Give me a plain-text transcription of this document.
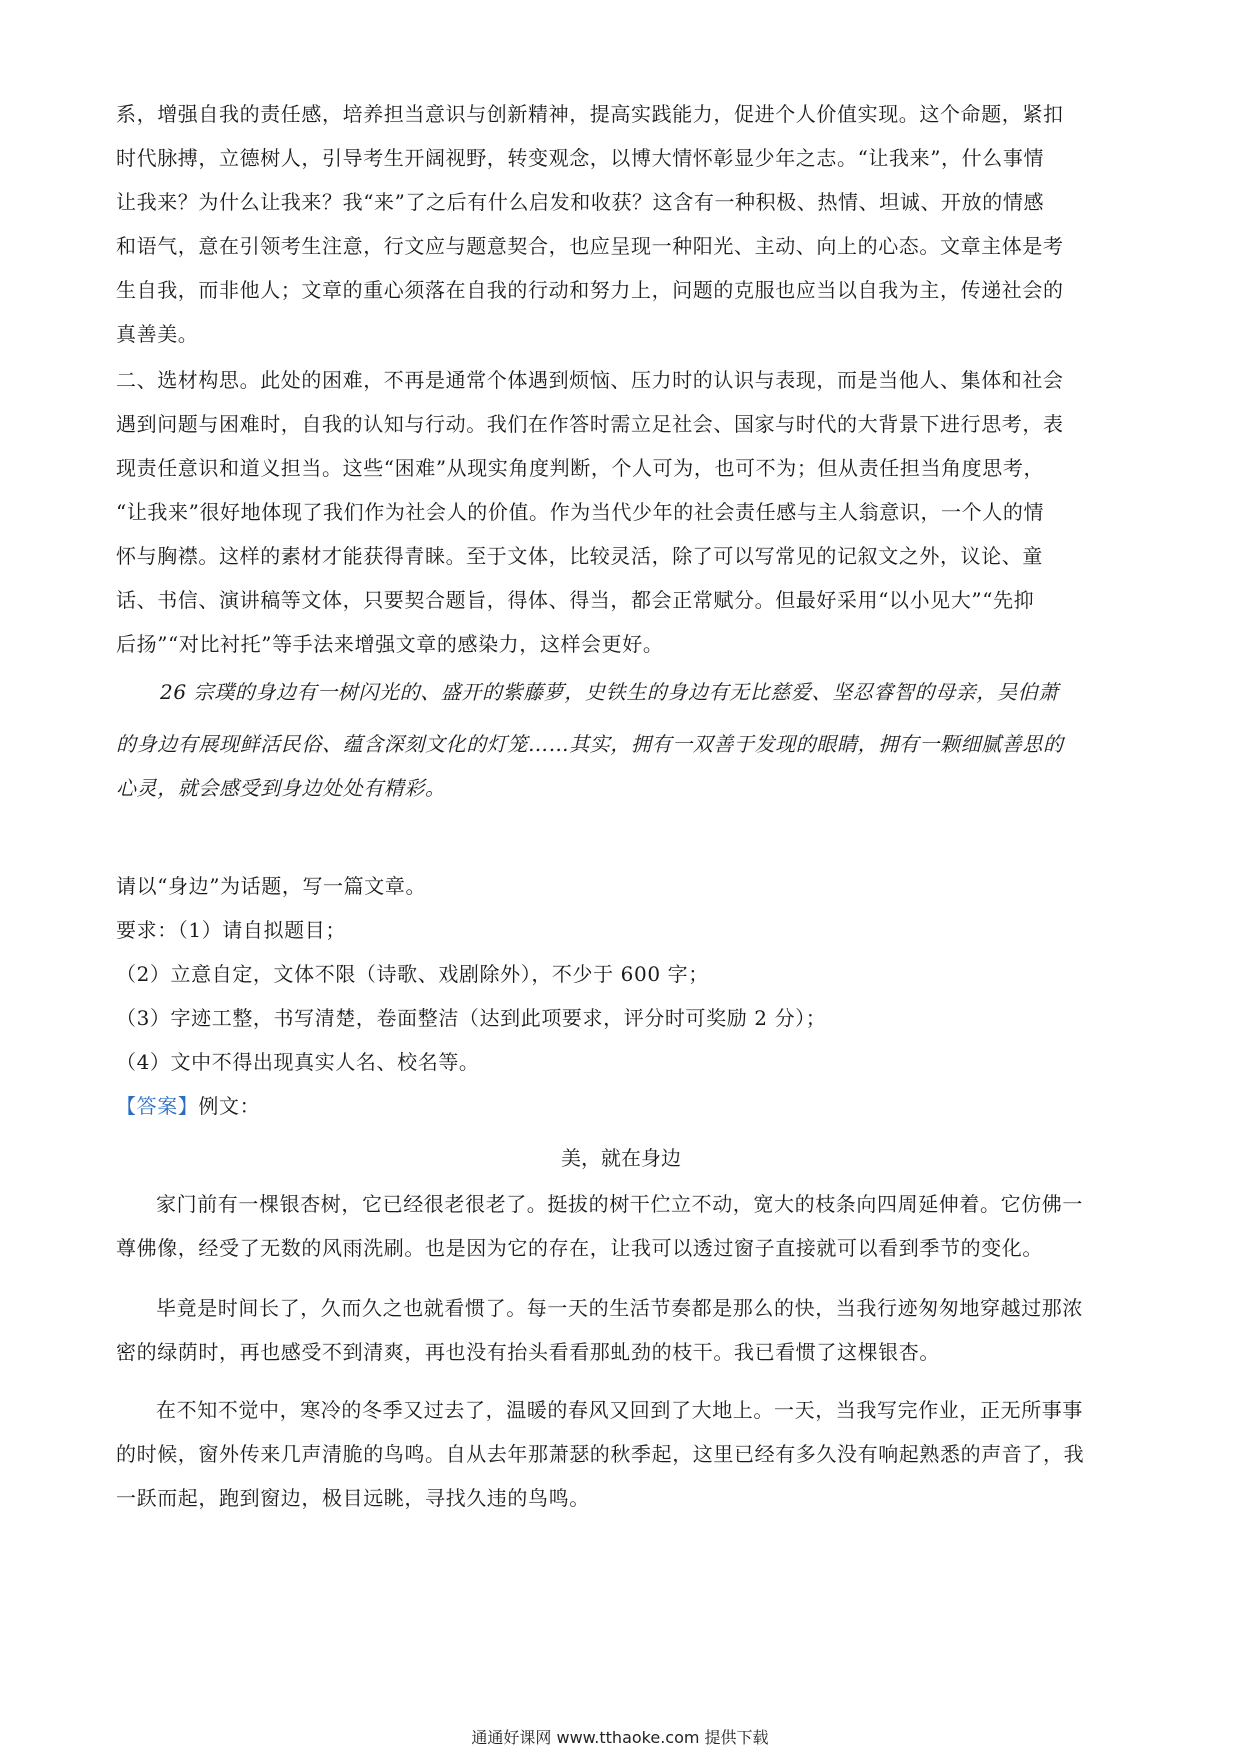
系，增强自我的责任感，培养担当意识与创新精神，提高实践能力，促进个人价值实现。这个命题，紧扣
时代脉搏，立德树人，引导考生开阔视野，转变观念，以博大情怀彰显少年之志。“让我来”，什么事情
让我来？为什么让我来？我“来”了之后有什么启发和收获？这含有一种积极、热情、坦诚、开放的情感
和语气，意在引领考生注意，行文应与题意契合，也应呈现一种阳光、主动、向上的心态。文章主体是考
生自我，而非他人；文章的重心须落在自我的行动和努力上，问题的克服也应当以自我为主，传递社会的
真善美。
二、选材构思。此处的困难，不再是通常个体遇到烦恼、压力时的认识与表现，而是当他人、集体和社会
遇到问题与困难时，自我的认知与行动。我们在作答时需立足社会、国家与时代的大背景下进行思考，表
现责任意识和道义担当。这些“困难”从现实角度判断，个人可为，也可不为；但从责任担当角度思考，
“让我来”很好地体现了我们作为社会人的价值。作为当代少年的社会责任感与主人翁意识，一个人的情
怀与胸襟。这样的素材才能获得青睐。至于文体，比较灵活，除了可以写常见的记叙文之外，议论、童
话、书信、演讲稿等文体，只要契合题旨，得体、得当，都会正常赋分。但最好采用“以小见大”“先抑
后扬”“对比衬托”等手法来增强文章的感染力，这样会更好。
26 宗璞的身边有一树闪光的、盛开的紫藤萝，史铁生的身边有无比慈爱、坚忍睿智的母亲，吴伯萧
的身边有展现鲜活民俗、蕴含深刻文化的灯笼……其实，拥有一双善于发现的眼睛，拥有一颗细腻善思的
心灵，就会感受到身边处处有精彩。
请以“身边”为话题，写一篇文章。
要求：（1）请自拟题目；
（2）立意自定，文体不限（诗歌、戏剧除外），不少于 600 字；
（3）字迹工整，书写清楚，卷面整洁（达到此项要求，评分时可奖励 2 分）；
（4）文中不得出现真实人名、校名等。
【答案】例文：
美，就在身边
家门前有一棵银杏树，它已经很老很老了。挺拔的树干伫立不动，宽大的枝条向四周延伸着。它仿佛一
尊佛像，经受了无数的风雨洗刷。也是因为它的存在，让我可以透过窗子直接就可以看到季节的变化。
毕竟是时间长了，久而久之也就看惯了。每一天的生活节奏都是那么的快，当我行迹匆匆地穿越过那浓
密的绿荫时，再也感受不到清爽，再也没有抬头看看那虬劲的枝干。我已看惯了这棵银杏。
在不知不觉中，寒冷的冬季又过去了，温暖的春风又回到了大地上。一天，当我写完作业，正无所事事
的时候，窗外传来几声清脆的鸟鸣。自从去年那萧瑟的秋季起，这里已经有多久没有响起熟悉的声音了，我
一跃而起，跑到窗边，极目远眺，寻找久违的鸟鸣。
通通好课网 www.tthaoke.com 提供下载
